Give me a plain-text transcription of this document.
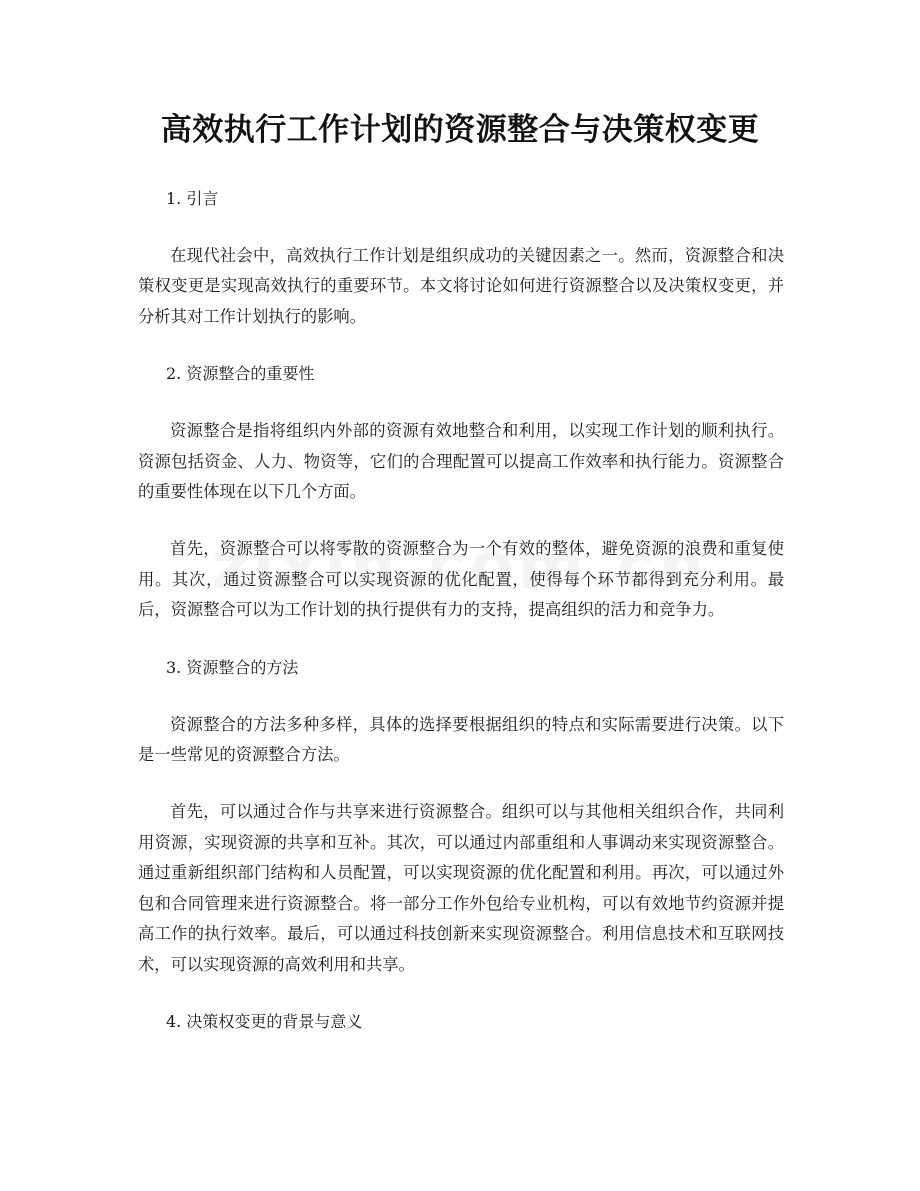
高效执行工作计划的资源整合与决策权变更

1. 引言

在现代社会中，高效执行工作计划是组织成功的关键因素之一。然而，资源整合和决策权变更是实现高效执行的重要环节。本文将讨论如何进行资源整合以及决策权变更，并分析其对工作计划执行的影响。

2. 资源整合的重要性

资源整合是指将组织内外部的资源有效地整合和利用，以实现工作计划的顺利执行。资源包括资金、人力、物资等，它们的合理配置可以提高工作效率和执行能力。资源整合的重要性体现在以下几个方面。

首先，资源整合可以将零散的资源整合为一个有效的整体，避免资源的浪费和重复使用。其次，通过资源整合可以实现资源的优化配置，使得每个环节都得到充分利用。最后，资源整合可以为工作计划的执行提供有力的支持，提高组织的活力和竞争力。

3. 资源整合的方法

资源整合的方法多种多样，具体的选择要根据组织的特点和实际需要进行决策。以下是一些常见的资源整合方法。

首先，可以通过合作与共享来进行资源整合。组织可以与其他相关组织合作，共同利用资源，实现资源的共享和互补。其次，可以通过内部重组和人事调动来实现资源整合。通过重新组织部门结构和人员配置，可以实现资源的优化配置和利用。再次，可以通过外包和合同管理来进行资源整合。将一部分工作外包给专业机构，可以有效地节约资源并提高工作的执行效率。最后，可以通过科技创新来实现资源整合。利用信息技术和互联网技术，可以实现资源的高效利用和共享。

4. 决策权变更的背景与意义
